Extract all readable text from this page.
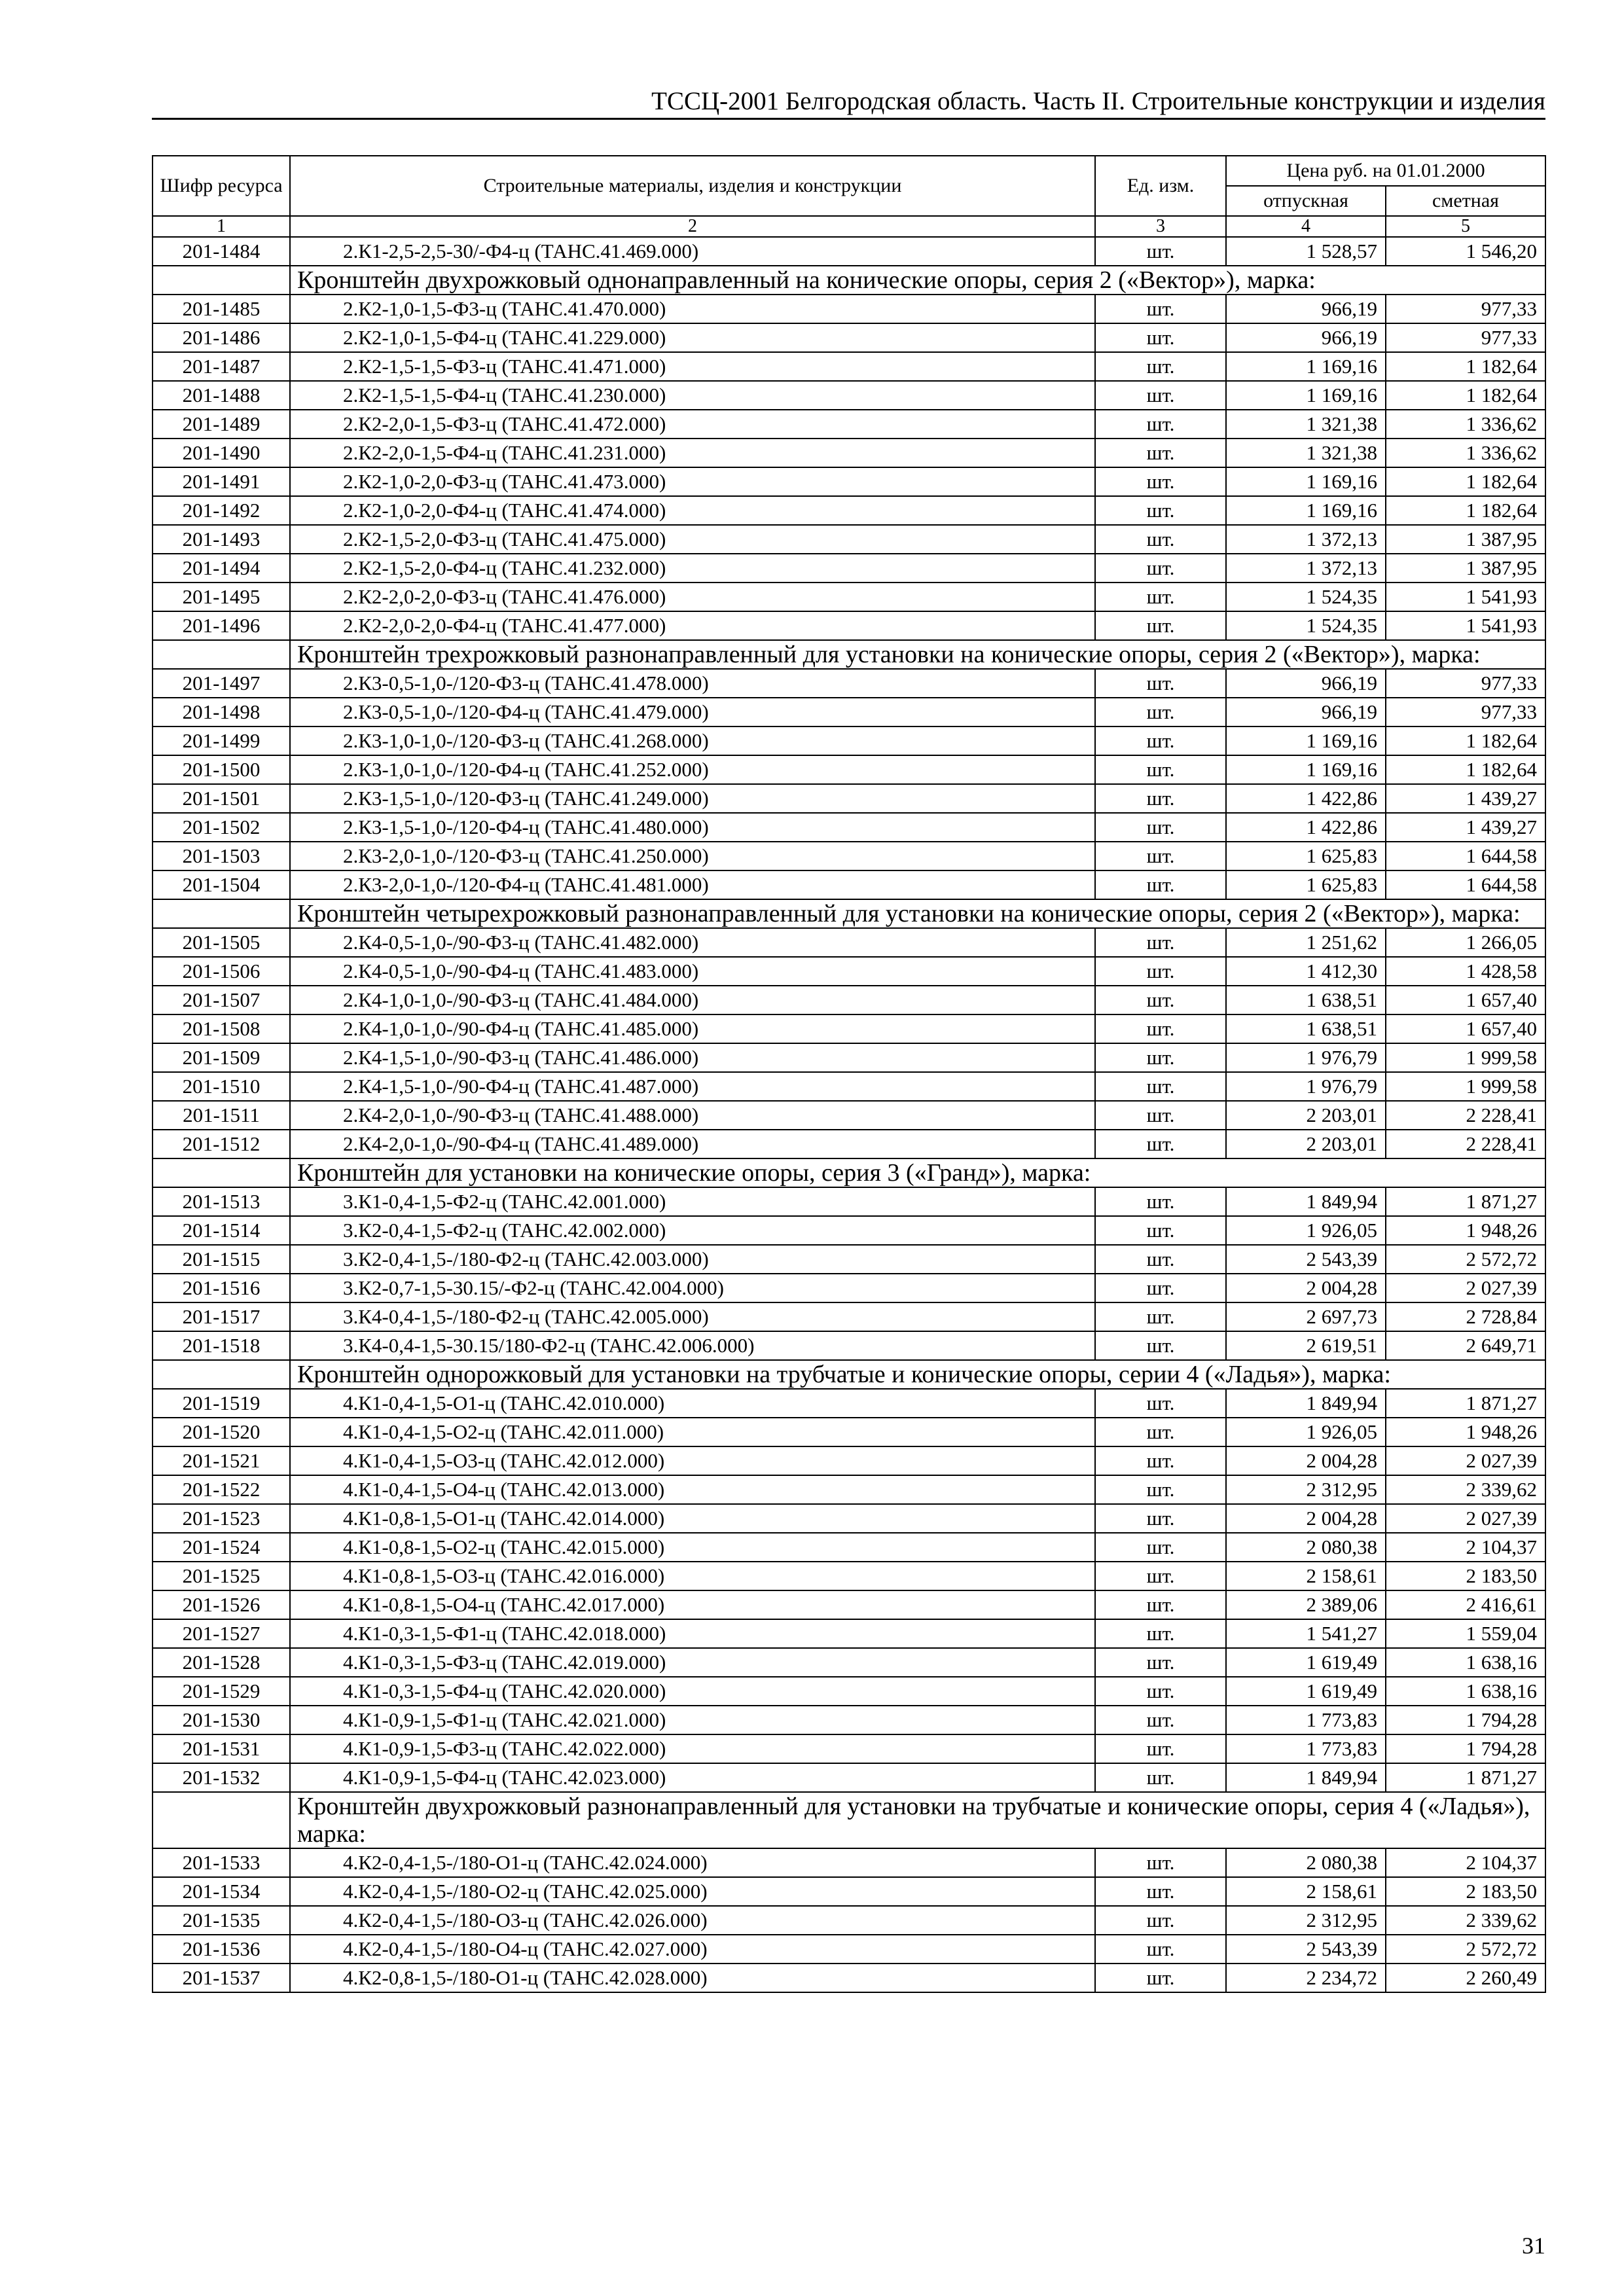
ТССЦ-2001 Белгородская область. Часть II. Строительные конструкции и изделия
Шифр ресурса	Строительные материалы, изделия и конструкции	Ед. изм.	Цена руб. на 01.01.2000	
			отпускная	сметная
1	2	3	4	5
201-1484	2.К1-2,5-2,5-30/-Ф4-ц (ТАНС.41.469.000)	шт.	1 528,57	1 546,20
	Кронштейн двухрожковый однонаправленный на конические опоры, серия 2 («Вектор»), марка:			
201-1485	2.К2-1,0-1,5-Ф3-ц (ТАНС.41.470.000)	шт.	966,19	977,33
201-1486	2.К2-1,0-1,5-Ф4-ц (ТАНС.41.229.000)	шт.	966,19	977,33
201-1487	2.К2-1,5-1,5-Ф3-ц (ТАНС.41.471.000)	шт.	1 169,16	1 182,64
201-1488	2.К2-1,5-1,5-Ф4-ц (ТАНС.41.230.000)	шт.	1 169,16	1 182,64
201-1489	2.К2-2,0-1,5-Ф3-ц (ТАНС.41.472.000)	шт.	1 321,38	1 336,62
201-1490	2.К2-2,0-1,5-Ф4-ц (ТАНС.41.231.000)	шт.	1 321,38	1 336,62
201-1491	2.К2-1,0-2,0-Ф3-ц (ТАНС.41.473.000)	шт.	1 169,16	1 182,64
201-1492	2.К2-1,0-2,0-Ф4-ц (ТАНС.41.474.000)	шт.	1 169,16	1 182,64
201-1493	2.К2-1,5-2,0-Ф3-ц (ТАНС.41.475.000)	шт.	1 372,13	1 387,95
201-1494	2.К2-1,5-2,0-Ф4-ц (ТАНС.41.232.000)	шт.	1 372,13	1 387,95
201-1495	2.К2-2,0-2,0-Ф3-ц (ТАНС.41.476.000)	шт.	1 524,35	1 541,93
201-1496	2.К2-2,0-2,0-Ф4-ц (ТАНС.41.477.000)	шт.	1 524,35	1 541,93
	Кронштейн трехрожковый разнонаправленный для установки на конические опоры, серия 2 («Вектор»), марка:			
201-1497	2.К3-0,5-1,0-/120-Ф3-ц (ТАНС.41.478.000)	шт.	966,19	977,33
201-1498	2.К3-0,5-1,0-/120-Ф4-ц (ТАНС.41.479.000)	шт.	966,19	977,33
201-1499	2.К3-1,0-1,0-/120-Ф3-ц (ТАНС.41.268.000)	шт.	1 169,16	1 182,64
201-1500	2.К3-1,0-1,0-/120-Ф4-ц (ТАНС.41.252.000)	шт.	1 169,16	1 182,64
201-1501	2.К3-1,5-1,0-/120-Ф3-ц (ТАНС.41.249.000)	шт.	1 422,86	1 439,27
201-1502	2.К3-1,5-1,0-/120-Ф4-ц (ТАНС.41.480.000)	шт.	1 422,86	1 439,27
201-1503	2.К3-2,0-1,0-/120-Ф3-ц (ТАНС.41.250.000)	шт.	1 625,83	1 644,58
201-1504	2.К3-2,0-1,0-/120-Ф4-ц (ТАНС.41.481.000)	шт.	1 625,83	1 644,58
	Кронштейн четырехрожковый разнонаправленный для установки на конические опоры, серия 2 («Вектор»), марка:			
201-1505	2.К4-0,5-1,0-/90-Ф3-ц (ТАНС.41.482.000)	шт.	1 251,62	1 266,05
201-1506	2.К4-0,5-1,0-/90-Ф4-ц (ТАНС.41.483.000)	шт.	1 412,30	1 428,58
201-1507	2.К4-1,0-1,0-/90-Ф3-ц (ТАНС.41.484.000)	шт.	1 638,51	1 657,40
201-1508	2.К4-1,0-1,0-/90-Ф4-ц (ТАНС.41.485.000)	шт.	1 638,51	1 657,40
201-1509	2.К4-1,5-1,0-/90-Ф3-ц (ТАНС.41.486.000)	шт.	1 976,79	1 999,58
201-1510	2.К4-1,5-1,0-/90-Ф4-ц (ТАНС.41.487.000)	шт.	1 976,79	1 999,58
201-1511	2.К4-2,0-1,0-/90-Ф3-ц (ТАНС.41.488.000)	шт.	2 203,01	2 228,41
201-1512	2.К4-2,0-1,0-/90-Ф4-ц (ТАНС.41.489.000)	шт.	2 203,01	2 228,41
	Кронштейн для установки на конические опоры, серия 3 («Гранд»), марка:			
201-1513	3.К1-0,4-1,5-Ф2-ц (ТАНС.42.001.000)	шт.	1 849,94	1 871,27
201-1514	3.К2-0,4-1,5-Ф2-ц (ТАНС.42.002.000)	шт.	1 926,05	1 948,26
201-1515	3.К2-0,4-1,5-/180-Ф2-ц (ТАНС.42.003.000)	шт.	2 543,39	2 572,72
201-1516	3.К2-0,7-1,5-30.15/-Ф2-ц (ТАНС.42.004.000)	шт.	2 004,28	2 027,39
201-1517	3.К4-0,4-1,5-/180-Ф2-ц (ТАНС.42.005.000)	шт.	2 697,73	2 728,84
201-1518	3.К4-0,4-1,5-30.15/180-Ф2-ц (ТАНС.42.006.000)	шт.	2 619,51	2 649,71
	Кронштейн однорожковый для установки на трубчатые и конические опоры, серии 4 («Ладья»), марка:			
201-1519	4.К1-0,4-1,5-О1-ц (ТАНС.42.010.000)	шт.	1 849,94	1 871,27
201-1520	4.К1-0,4-1,5-О2-ц (ТАНС.42.011.000)	шт.	1 926,05	1 948,26
201-1521	4.К1-0,4-1,5-О3-ц (ТАНС.42.012.000)	шт.	2 004,28	2 027,39
201-1522	4.К1-0,4-1,5-О4-ц (ТАНС.42.013.000)	шт.	2 312,95	2 339,62
201-1523	4.К1-0,8-1,5-О1-ц (ТАНС.42.014.000)	шт.	2 004,28	2 027,39
201-1524	4.К1-0,8-1,5-О2-ц (ТАНС.42.015.000)	шт.	2 080,38	2 104,37
201-1525	4.К1-0,8-1,5-О3-ц (ТАНС.42.016.000)	шт.	2 158,61	2 183,50
201-1526	4.К1-0,8-1,5-О4-ц (ТАНС.42.017.000)	шт.	2 389,06	2 416,61
201-1527	4.К1-0,3-1,5-Ф1-ц (ТАНС.42.018.000)	шт.	1 541,27	1 559,04
201-1528	4.К1-0,3-1,5-Ф3-ц (ТАНС.42.019.000)	шт.	1 619,49	1 638,16
201-1529	4.К1-0,3-1,5-Ф4-ц (ТАНС.42.020.000)	шт.	1 619,49	1 638,16
201-1530	4.К1-0,9-1,5-Ф1-ц (ТАНС.42.021.000)	шт.	1 773,83	1 794,28
201-1531	4.К1-0,9-1,5-Ф3-ц (ТАНС.42.022.000)	шт.	1 773,83	1 794,28
201-1532	4.К1-0,9-1,5-Ф4-ц (ТАНС.42.023.000)	шт.	1 849,94	1 871,27
	Кронштейн двухрожковый разнонаправленный для установки на трубчатые и конические опоры, серия 4 («Ладья»), марка:			
201-1533	4.К2-0,4-1,5-/180-О1-ц (ТАНС.42.024.000)	шт.	2 080,38	2 104,37
201-1534	4.К2-0,4-1,5-/180-О2-ц (ТАНС.42.025.000)	шт.	2 158,61	2 183,50
201-1535	4.К2-0,4-1,5-/180-О3-ц (ТАНС.42.026.000)	шт.	2 312,95	2 339,62
201-1536	4.К2-0,4-1,5-/180-О4-ц (ТАНС.42.027.000)	шт.	2 543,39	2 572,72
201-1537	4.К2-0,8-1,5-/180-О1-ц (ТАНС.42.028.000)	шт.	2 234,72	2 260,49
31
